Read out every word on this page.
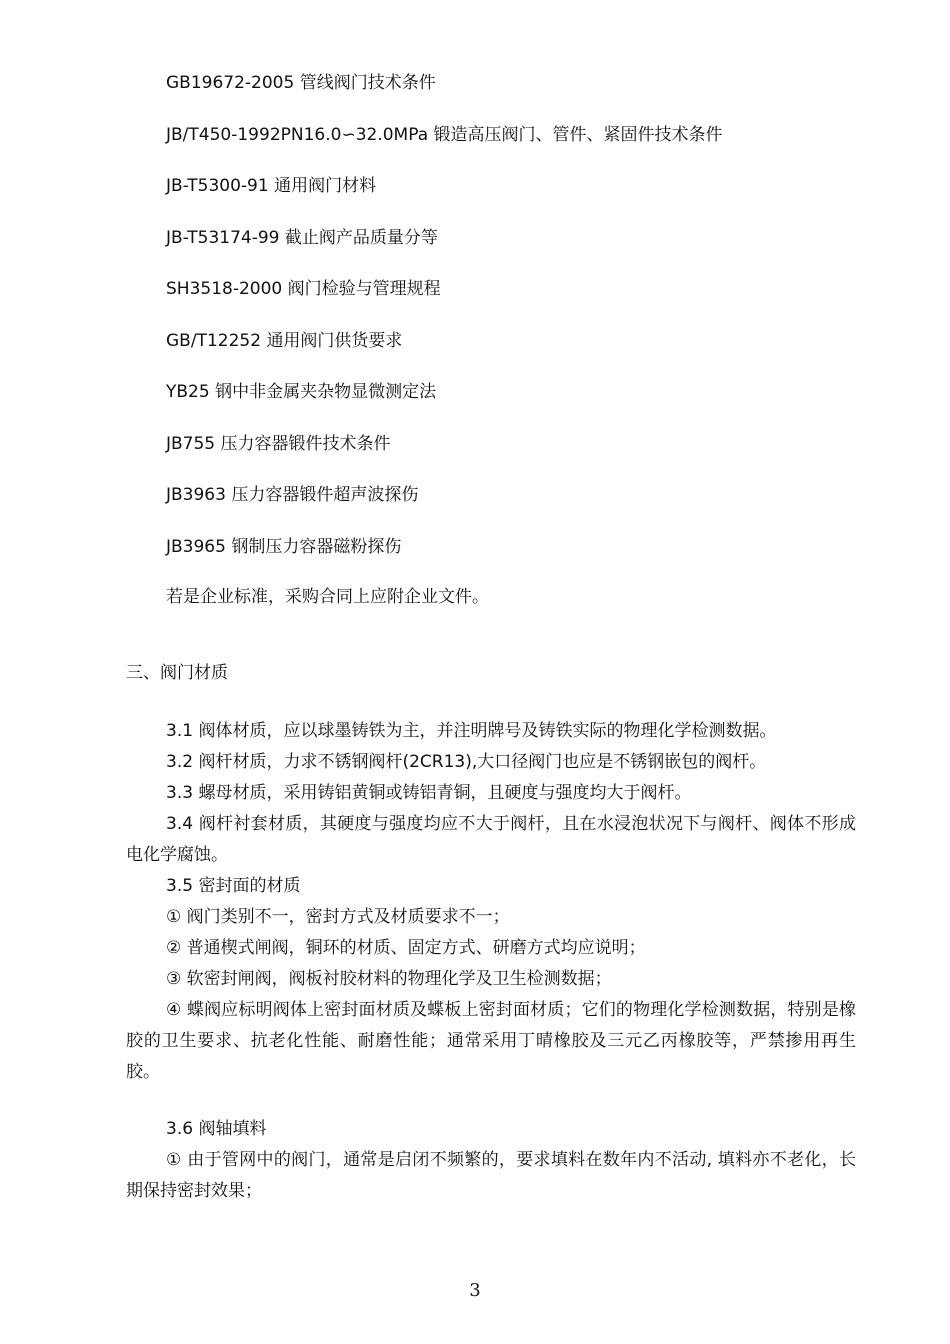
GB19672-2005 管线阀门技术条件
JB/T450-1992PN16.0∽32.0MPa 锻造高压阀门、管件、紧固件技术条件
JB-T5300-91 通用阀门材料
JB-T53174-99 截止阀产品质量分等
SH3518-2000 阀门检验与管理规程
GB/T12252 通用阀门供货要求
YB25 钢中非金属夹杂物显微测定法
JB755 压力容器锻件技术条件
JB3963 压力容器锻件超声波探伤
JB3965 钢制压力容器磁粉探伤
若是企业标准，采购合同上应附企业文件。
三、阀门材质

3.1 阀体材质，应以球墨铸铁为主，并注明牌号及铸铁实际的物理化学检测数据。

3.2 阀杆材质，力求不锈钢阀杆(2CR13),大口径阀门也应是不锈钢嵌包的阀杆。

3.3 螺母材质，采用铸铝黄铜或铸铝青铜，且硬度与强度均大于阀杆。

3.4 阀杆衬套材质，其硬度与强度均应不大于阀杆，且在水浸泡状况下与阀杆、阀体不形成电化学腐蚀。

3.5 密封面的材质

① 阀门类别不一，密封方式及材质要求不一；

② 普通楔式闸阀，铜环的材质、固定方式、研磨方式均应说明；

③ 软密封闸阀，阀板衬胶材料的物理化学及卫生检测数据；

④ 蝶阀应标明阀体上密封面材质及蝶板上密封面材质；它们的物理化学检测数据，特别是橡胶的卫生要求、抗老化性能、耐磨性能；通常采用丁晴橡胶及三元乙丙橡胶等，严禁掺用再生胶。

3.6 阀轴填料

① 由于管网中的阀门，通常是启闭不频繁的，要求填料在数年内不活动, 填料亦不老化，长期保持密封效果；

3
